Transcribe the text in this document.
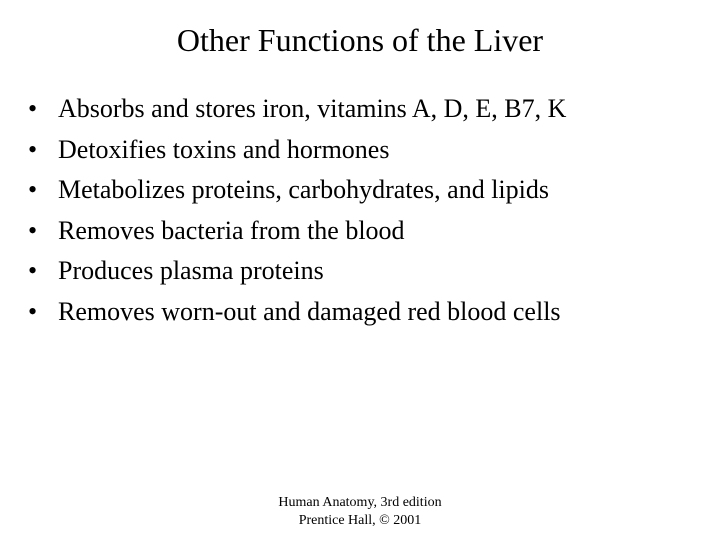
Other Functions of the Liver
• Absorbs and stores iron, vitamins A, D, E, B7, K
• Detoxifies toxins and hormones
• Metabolizes proteins, carbohydrates, and lipids
• Removes bacteria from the blood
• Produces plasma proteins
• Removes worn-out and damaged red blood cells
Human Anatomy, 3rd edition
Prentice Hall, © 2001
